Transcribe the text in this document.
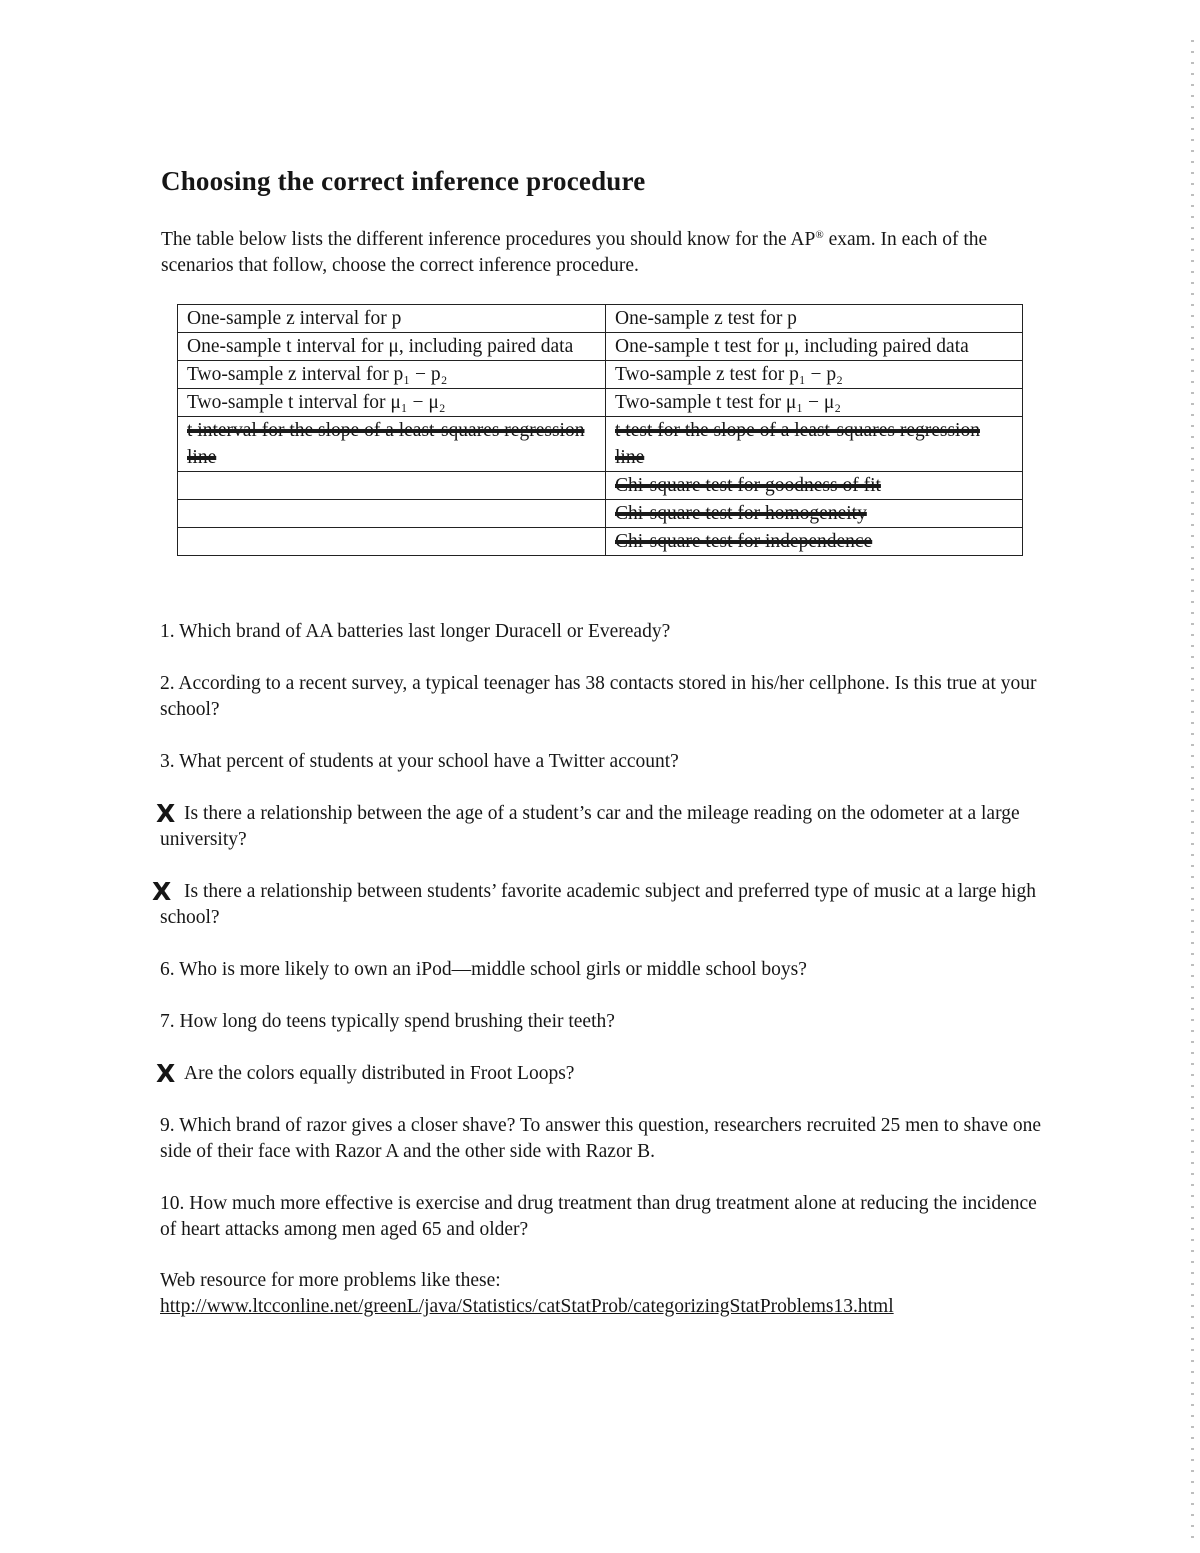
Choosing the correct inference procedure
The table below lists the different inference procedures you should know for the AP® exam. In each of the scenarios that follow, choose the correct inference procedure.
One-sample z interval for p	One-sample z test for p
One-sample t interval for μ, including paired data	One-sample t test for μ, including paired data
Two-sample z interval for p₁ − p₂	Two-sample z test for p₁ − p₂
Two-sample t interval for μ₁ − μ₂	Two-sample t test for μ₁ − μ₂
t interval for the slope of a least-squares regression line	t test for the slope of a least-squares regression line
	Chi-square test for goodness of fit
	Chi-square test for homogeneity
	Chi-square test for independence
1. Which brand of AA batteries last longer Duracell or Eveready?
2. According to a recent survey, a typical teenager has 38 contacts stored in his/her cellphone. Is this true at your school?
3. What percent of students at your school have a Twitter account?
X Is there a relationship between the age of a student’s car and the mileage reading on the odometer at a large university?
X Is there a relationship between students’ favorite academic subject and preferred type of music at a large high school?
6. Who is more likely to own an iPod—middle school girls or middle school boys?
7. How long do teens typically spend brushing their teeth?
X Are the colors equally distributed in Froot Loops?
9. Which brand of razor gives a closer shave? To answer this question, researchers recruited 25 men to shave one side of their face with Razor A and the other side with Razor B.
10. How much more effective is exercise and drug treatment than drug treatment alone at reducing the incidence of heart attacks among men aged 65 and older?
Web resource for more problems like these:
http://www.ltcconline.net/greenL/java/Statistics/catStatProb/categorizingStatProblems13.html
